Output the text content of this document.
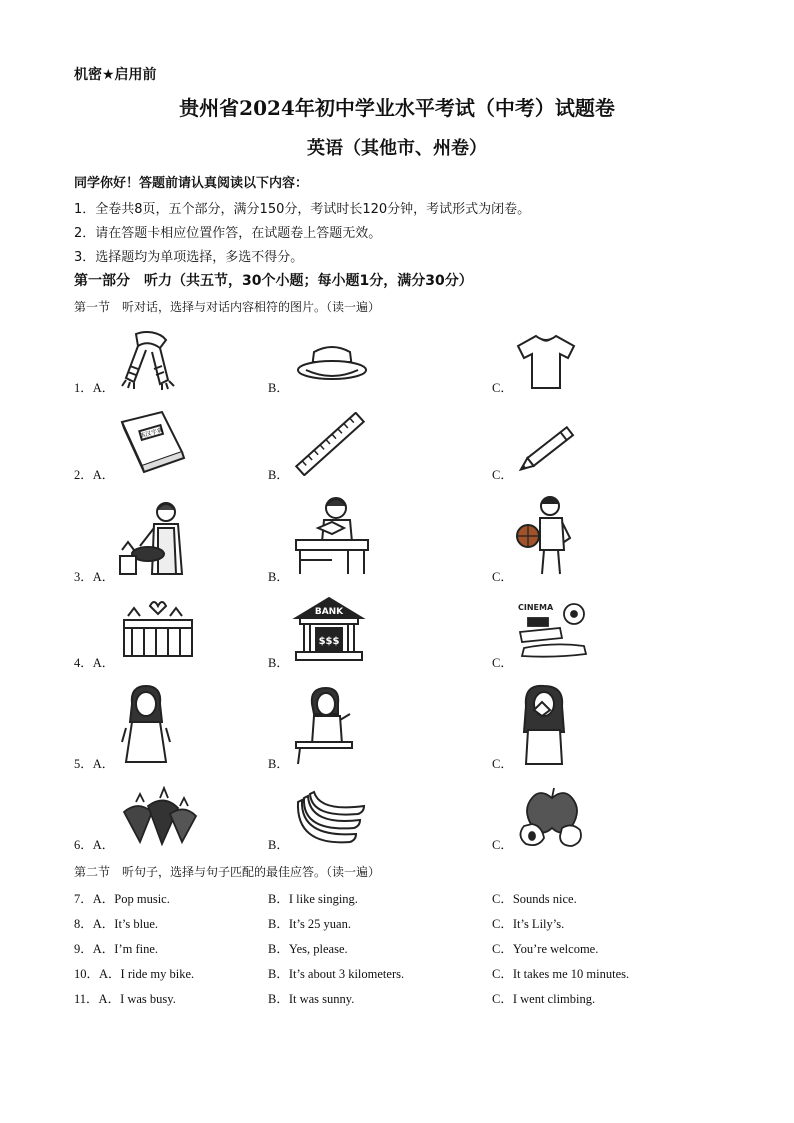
机密★启用前
贵州省2024年初中学业水平考试（中考）试题卷
英语（其他市、州卷）
同学你好！答题前请认真阅读以下内容：
1．全卷共8页，五个部分，满分150分，考试时长120分钟，考试形式为闭卷。
2．请在答题卡相应位置作答，在试题卷上答题无效。
3．选择题均为单项选择，多选不得分。
第一部分　听力（共五节，30个小题；每小题1分，满分30分）
第一节　听对话，选择与对话内容相符的图片。（读一遍）
1．A．	B．	C．
2．A．	B．	C．
英汉字典
3．A．	B．	C．
4．A．	B．	C．
BANK
$$$
CINEMA
5．A．	B．	C．
6．A．	B．	C．
第二节　听句子，选择与句子匹配的最佳应答。（读一遍）
7．A．Pop music.	B．I like singing.	C．Sounds nice.
8．A．It’s blue.	B．It’s 25 yuan.	C．It’s Lily’s.
9．A．I’m fine.	B．Yes, please.	C．You’re welcome.
10．A．I ride my bike.	B．It’s about 3 kilometers.	C．It takes me 10 minutes.
11．A．I was busy.	B．It was sunny.	C．I went climbing.
